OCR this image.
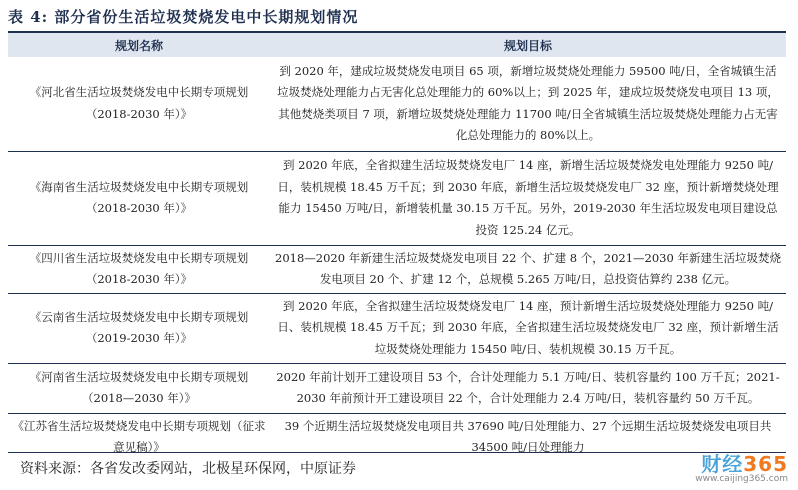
表 4: 部分省份生活垃圾焚烧发电中长期规划情况
规划名称	规划目标
《河北省生活垃圾焚烧发电中长期专项规划（2018-2030 年）》	到 2020 年，建成垃圾焚烧发电项目 65 项，新增垃圾焚烧处理能力 59500 吨/日，全省城镇生活垃圾焚烧处理能力占无害化总处理能力的 60%以上；到 2025 年，建成垃圾焚烧发电项目 13 项，其他焚烧类项目 7 项，新增垃圾焚烧处理能力 11700 吨/日全省城镇生活垃圾焚烧处理能力占无害化总处理能力的 80%以上。
《海南省生活垃圾焚烧发电中长期专项规划（2018-2030 年）》	到 2020 年底，全省拟建生活垃圾焚烧发电厂 14 座，新增生活垃圾焚烧发电处理能力 9250 吨/日，装机规模 18.45 万千瓦；到 2030 年底，新增生活垃圾焚烧发电厂 32 座，预计新增焚烧处理能力 15450 万吨/日，新增装机量 30.15 万千瓦。另外，2019-2030 年生活垃圾发电项目建设总投资 125.24 亿元。
《四川省生活垃圾焚烧发电中长期专项规划（2018-2030 年）》	2018—2020 年新建生活垃圾焚烧发电项目 22 个、扩建 8 个，2021—2030 年新建生活垃圾焚烧发电项目 20 个、扩建 12 个，总规模 5.265 万吨/日，总投资估算约 238 亿元。
《云南省生活垃圾焚烧发电中长期专项规划（2019-2030 年）》	到 2020 年底，全省拟建生活垃圾焚烧发电厂 14 座，预计新增生活垃圾焚烧处理能力 9250 吨/日、装机规模 18.45 万千瓦；到 2030 年底，全省拟建生活垃圾焚烧发电厂 32 座，预计新增生活垃圾焚烧处理能力 15450 吨/日、装机规模 30.15 万千瓦。
《河南省生活垃圾焚烧发电中长期专项规划（2018—2030 年）》	2020 年前计划开工建设项目 53 个，合计处理能力 5.1 万吨/日、装机容量约 100 万千瓦；2021-2030 年前预计开工建设项目 22 个，合计处理能力 2.4 万吨/日，装机容量约 50 万千瓦。
《江苏省生活垃圾焚烧发电中长期专项规划（征求意见稿）》	39 个近期生活垃圾焚烧发电项目共 37690 吨/日处理能力、27 个远期生活垃圾焚烧发电项目共 34500 吨/日处理能力
资料来源：各省发改委网站，北极星环保网，中原证券	财经365
www.caijing365.com
